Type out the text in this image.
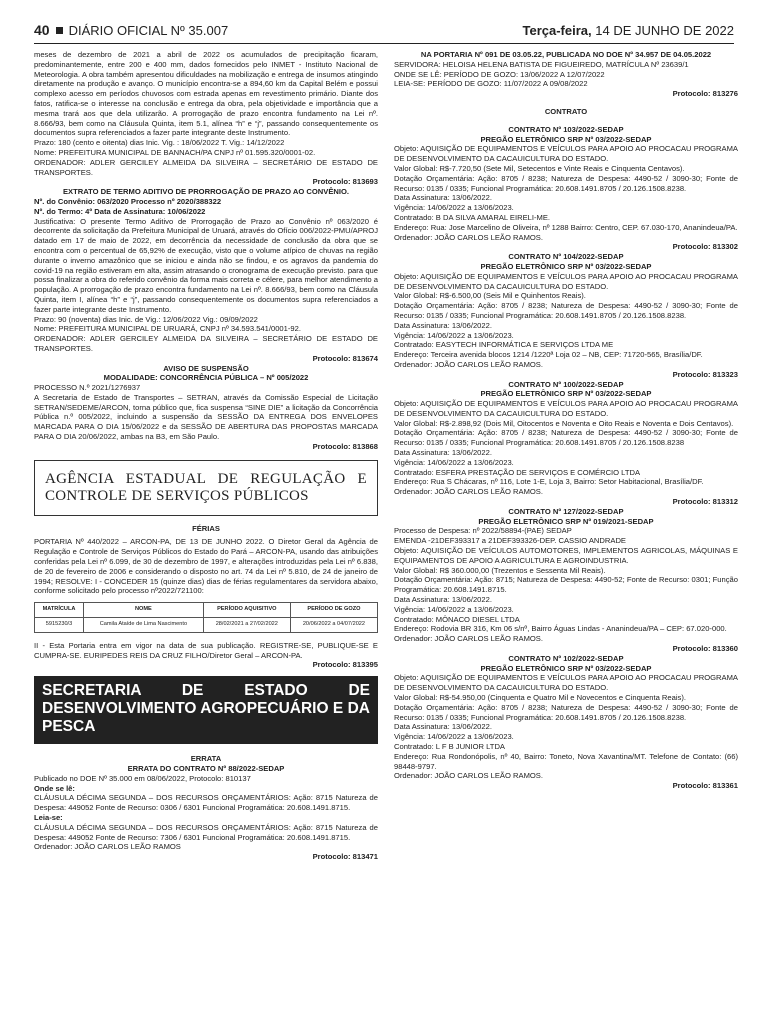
40 DIÁRIO OFICIAL Nº 35.007	Terça-feira, 14 DE JUNHO DE 2022

meses de dezembro de 2021 a abril de 2022 os acumulados de precipitação ficaram, predominantemente, entre 200 e 400 mm, dados fornecidos pelo INMET - Instituto Nacional de Meteorologia. A obra também apresentou dificuldades na mobilização e entrega de insumos atingindo diretamente na produção e avanço. O município encontra-se a 894,60 km da Capital Belém e possui complexo acesso em períodos chuvosos com estrada apenas em revestimento primário. Diante dos fatos, ratifica-se o interesse na conclusão e entrega da obra, pela objetividade e importância que a mesma trará aos que dela utilizarão. A prorrogação de prazo encontra fundamento na Lei nº. 8.666/93, bem como na Cláusula Quinta, item 5.1, alínea “h” e “j”, passando consequentemente os documentos supra referenciados a fazer parte integrante deste Instrumento.

Prazo: 180 (cento e oitenta) dias Inic. Vig. : 18/06/2022 T. Vig.: 14/12/2022

Nome: PREFEITURA MUNICIPAL DE BANNACH/PA CNPJ nº 01.595.320/0001-02.

ORDENADOR: ADLER GERCILEY ALMEIDA DA SILVEIRA – SECRETÁRIO DE ESTADO DE TRANSPORTES.

Protocolo: 813693

EXTRATO DE TERMO ADITIVO DE PRORROGAÇÃO DE PRAZO AO CONVÊNIO.

Nº. do Convênio: 063/2020 Processo nº 2020/388322

Nº. do Termo: 4º Data de Assinatura: 10/06/2022

Justificativa: O presente Termo Aditivo de Prorrogação de Prazo ao Convênio nº 063/2020 é decorrente da solicitação da Prefeitura Municipal de Uruará, através do Ofício 006/2022-PMU/APROJ datado em 17 de maio de 2022, em decorrência da necessidade de conclusão da obra que se encontra com o percentual de 65,92% de execução, visto que o volume atípico de chuvas na região durante o inverno amazônico que se iniciou e ainda não se findou, e os agravos da pandemia do covid-19 na região estiveram em alta, assim atrasando o cronograma de execução previsto. para que possa finalizar a obra do referido convênio da forma mais correta e célere, para melhor atendimento a população. A prorrogação de prazo encontra fundamento na Lei nº. 8.666/93, bem como na Cláusula Quinta, item I, alínea “h” e “j”, passando consequentemente os documentos supra referenciados a fazer parte integrante deste Instrumento.

Prazo: 90 (noventa) dias Inic. de Vig.: 12/06/2022 Vig.: 09/09/2022

Nome: PREFEITURA MUNICIPAL DE URUARÁ, CNPJ nº 34.593.541/0001-92.

ORDENADOR: ADLER GERCILEY ALMEIDA DA SILVEIRA – SECRETÁRIO DE ESTADO DE TRANSPORTES.

Protocolo: 813674

AVISO DE SUSPENSÃO

MODALIDADE: CONCORRÊNCIA PÚBLICA – Nº 005/2022

PROCESSO N.º 2021/1276937

A Secretaria de Estado de Transportes – SETRAN, através da Comissão Especial de Licitação SETRAN/SEDEME/ARCON, torna público que, fica suspensa “SINE DIE” a licitação da Concorrência Pública n.º 005/2022, incluindo a suspensão da SESSÃO DA ENTREGA DOS ENVELOPES MARCADA PARA O DIA 15/06/2022 e da SESSÃO DE ABERTURA DAS PROPOSTAS MARCADA PARA O DIA 20/06/2022, ambas na B3, em São Paulo.

Protocolo: 813868

AGÊNCIA ESTADUAL DE REGULAÇÃO E CONTROLE DE SERVIÇOS PÚBLICOS

FÉRIAS

PORTARIA Nº 440/2022 – ARCON-PA, DE 13 DE JUNHO 2022. O Diretor Geral da Agência de Regulação e Controle de Serviços Públicos do Estado do Pará – ARCON-PA, usando das atribuições conferidas pela Lei nº 6.099, de 30 de dezembro de 1997, e alterações introduzidas pela Lei nº 6.838, de 20 de fevereiro de 2006 e considerando o disposto no art. 74 da Lei nº 5.810, de 24 de janeiro de 1994; RESOLVE: I - CONCEDER 15 (quinze dias) dias de férias regulamentares da servidora abaixo, conforme solicitado pelo processo nº2022/721100:

MATRÍCULA	NOME	PERÍODO AQUISITIVO	PERÍODO DE GOZO
5915230/3	Camila Ataíde de Lima Nascimento	28/02/2021 a 27/02/2022	20/06/2022 a 04/07/2022

II - Esta Portaria entra em vigor na data de sua publicação. REGISTRE-SE, PUBLIQUE-SE E CUMPRA-SE. EURIPEDES REIS DA CRUZ FILHO/Diretor Geral – ARCON-PA.

Protocolo: 813395

SECRETARIA DE ESTADO DE DESENVOLVIMENTO AGROPECUÁRIO E DA PESCA

ERRATA

ERRATA DO CONTRATO Nº 88/2022-SEDAP

Publicado no DOE Nº 35.000 em 08/06/2022, Protocolo: 810137

Onde se lê:

CLÁUSULA DÉCIMA SEGUNDA – DOS RECURSOS ORÇAMENTÁRIOS: Ação: 8715 Natureza de Despesa: 449052 Fonte de Recurso: 0306 / 6301 Funcional Programática: 20.608.1491.8715.

Leia-se:

CLÁUSULA DÉCIMA SEGUNDA – DOS RECURSOS ORÇAMENTÁRIOS: Ação: 8715 Natureza de Despesa: 449052 Fonte de Recurso: 7306 / 6301 Funcional Programática: 20.608.1491.8715.

Ordenador: JOÃO CARLOS LEÃO RAMOS

Protocolo: 813471

NA PORTARIA Nº 091 DE 03.05.22, PUBLICADA NO DOE Nº 34.957 DE 04.05.2022

SERVIDORA: HELOISA HELENA BATISTA DE FIGUEIREDO, MATRÍCULA Nº 23639/1

ONDE SE LÊ: PERÍODO DE GOZO: 13/06/2022 A 12/07/2022

LEIA-SE: PERÍODO DE GOZO: 11/07/2022 A 09/08/2022

Protocolo: 813276

CONTRATO

CONTRATO Nº 103/2022-SEDAP

PREGÃO ELETRÔNICO SRP Nº 03/2022-SEDAP

Objeto: AQUISIÇÃO DE EQUIPAMENTOS E VEÍCULOS PARA APOIO AO PROCACAU PROGRAMA DE DESENVOLVIMENTO DA CACAUICULTURA DO ESTADO.

Valor Global: R$-7.720,50 (Sete Mil, Setecentos e Vinte Reais e Cinquenta Centavos).

Dotação Orçamentária: Ação: 8705 / 8238; Natureza de Despesa: 4490-52 / 3090-30; Fonte de Recurso: 0135 / 0335; Funcional Programática: 20.608.1491.8705 / 20.126.1508.8238.

Data Assinatura: 13/06/2022.

Vigência: 14/06/2022 a 13/06/2023.

Contratado: B DA SILVA AMARAL EIRELI-ME.

Endereço: Rua: Jose Marcelino de Oliveira, nº 1288 Bairro: Centro, CEP. 67.030-170, Ananindeua/PA.

Ordenador: JOÃO CARLOS LEÃO RAMOS.

Protocolo: 813302

CONTRATO Nº 104/2022-SEDAP

PREGÃO ELETRÔNICO SRP Nº 03/2022-SEDAP

Objeto: AQUISIÇÃO DE EQUIPAMENTOS E VEÍCULOS PARA APOIO AO PROCACAU PROGRAMA DE DESENVOLVIMENTO DA CACAUICULTURA DO ESTADO.

Valor Global: R$-6.500,00 (Seis Mil e Quinhentos Reais).

Dotação Orçamentária: Ação: 8705 / 8238; Natureza de Despesa: 4490-52 / 3090-30; Fonte de Recurso: 0135 / 0335; Funcional Programática: 20.608.1491.8705 / 20.126.1508.8238.

Data Assinatura: 13/06/2022.

Vigência: 14/06/2022 a 13/06/2023.

Contratado: EASYTECH INFORMÁTICA E SERVIÇOS LTDA ME

Endereço: Terceira avenida blocos 1214 /1220ª Loja 02 – NB, CEP: 71720-565, Brasília/DF.

Ordenador: JOÃO CARLOS LEÃO RAMOS.

Protocolo: 813323

CONTRATO Nº 100/2022-SEDAP

PREGÃO ELETRÔNICO SRP Nº 03/2022-SEDAP

Objeto: AQUISIÇÃO DE EQUIPAMENTOS E VEÍCULOS PARA APOIO AO PROCACAU PROGRAMA DE DESENVOLVIMENTO DA CACAUICULTURA DO ESTADO.

Valor Global: R$-2.898,92 (Dois Mil, Oitocentos e Noventa e Oito Reais e Noventa e Dois Centavos).

Dotação Orçamentária: Ação: 8705 / 8238; Natureza de Despesa: 4490-52 / 3090-30; Fonte de Recurso: 0135 / 0335; Funcional Programática: 20.608.1491.8705 / 20.126.1508.8238

Data Assinatura: 13/06/2022.

Vigência: 14/06/2022 a 13/06/2023.

Contratado: ESFERA PRESTAÇÃO DE SERVIÇOS E COMÉRCIO LTDA

Endereço: Rua S Chácaras, nº 116, Lote 1-E, Loja 3, Bairro: Setor Habitacional, Brasília/DF.

Ordenador: JOÃO CARLOS LEÃO RAMOS.

Protocolo: 813312

CONTRATO Nº 127/2022-SEDAP

PREGÃO ELETRÔNICO SRP Nº 019/2021-SEDAP

Processo de Despesa: nº 2022/58894-(PAE) SEDAP

EMENDA -21DEF393317 a 21DEF393326-DEP. CASSIO ANDRADE

Objeto: AQUISIÇÃO DE VEÍCULOS AUTOMOTORES, IMPLEMENTOS AGRICOLAS, MÁQUINAS E EQUIPAMENTOS DE APOIO A AGRICULTURA E AGROINDUSTRIA.

Valor Global: R$ 360.000,00 (Trezentos e Sessenta Mil Reais).

Dotação Orçamentária: Ação: 8715; Natureza de Despesa: 4490-52; Fonte de Recurso: 0301; Função Programática: 20.608.1491.8715.

Data Assinatura: 13/06/2022.

Vigência: 14/06/2022 a 13/06/2023.

Contratado: MÔNACO DIESEL LTDA

Endereço: Rodovia BR 316, Km 06 s/nº, Bairro Águas Lindas - Ananindeua/PA – CEP: 67.020-000.

Ordenador: JOÃO CARLOS LEÃO RAMOS.

Protocolo: 813360

CONTRATO Nº 102/2022-SEDAP

PREGÃO ELETRÔNICO SRP Nº 03/2022-SEDAP

Objeto: AQUISIÇÃO DE EQUIPAMENTOS E VEÍCULOS PARA APOIO AO PROCACAU PROGRAMA DE DESENVOLVIMENTO DA CACAUICULTURA DO ESTADO.

Valor Global: R$-54.950,00 (Cinquenta e Quatro Mil e Novecentos e Cinquenta Reais).

Dotação Orçamentária: Ação: 8705 / 8238; Natureza de Despesa: 4490-52 / 3090-30; Fonte de Recurso: 0135 / 0335; Funcional Programática: 20.608.1491.8705 / 20.126.1508.8238.

Data Assinatura: 13/06/2022.

Vigência: 14/06/2022 a 13/06/2023.

Contratado: L F B JUNIOR LTDA

Endereço: Rua Rondonópolis, nº 40, Bairro: Toneto, Nova Xavantina/MT. Telefone de Contato: (66) 98448-9797.

Ordenador: JOÃO CARLOS LEÃO RAMOS.

Protocolo: 813361
